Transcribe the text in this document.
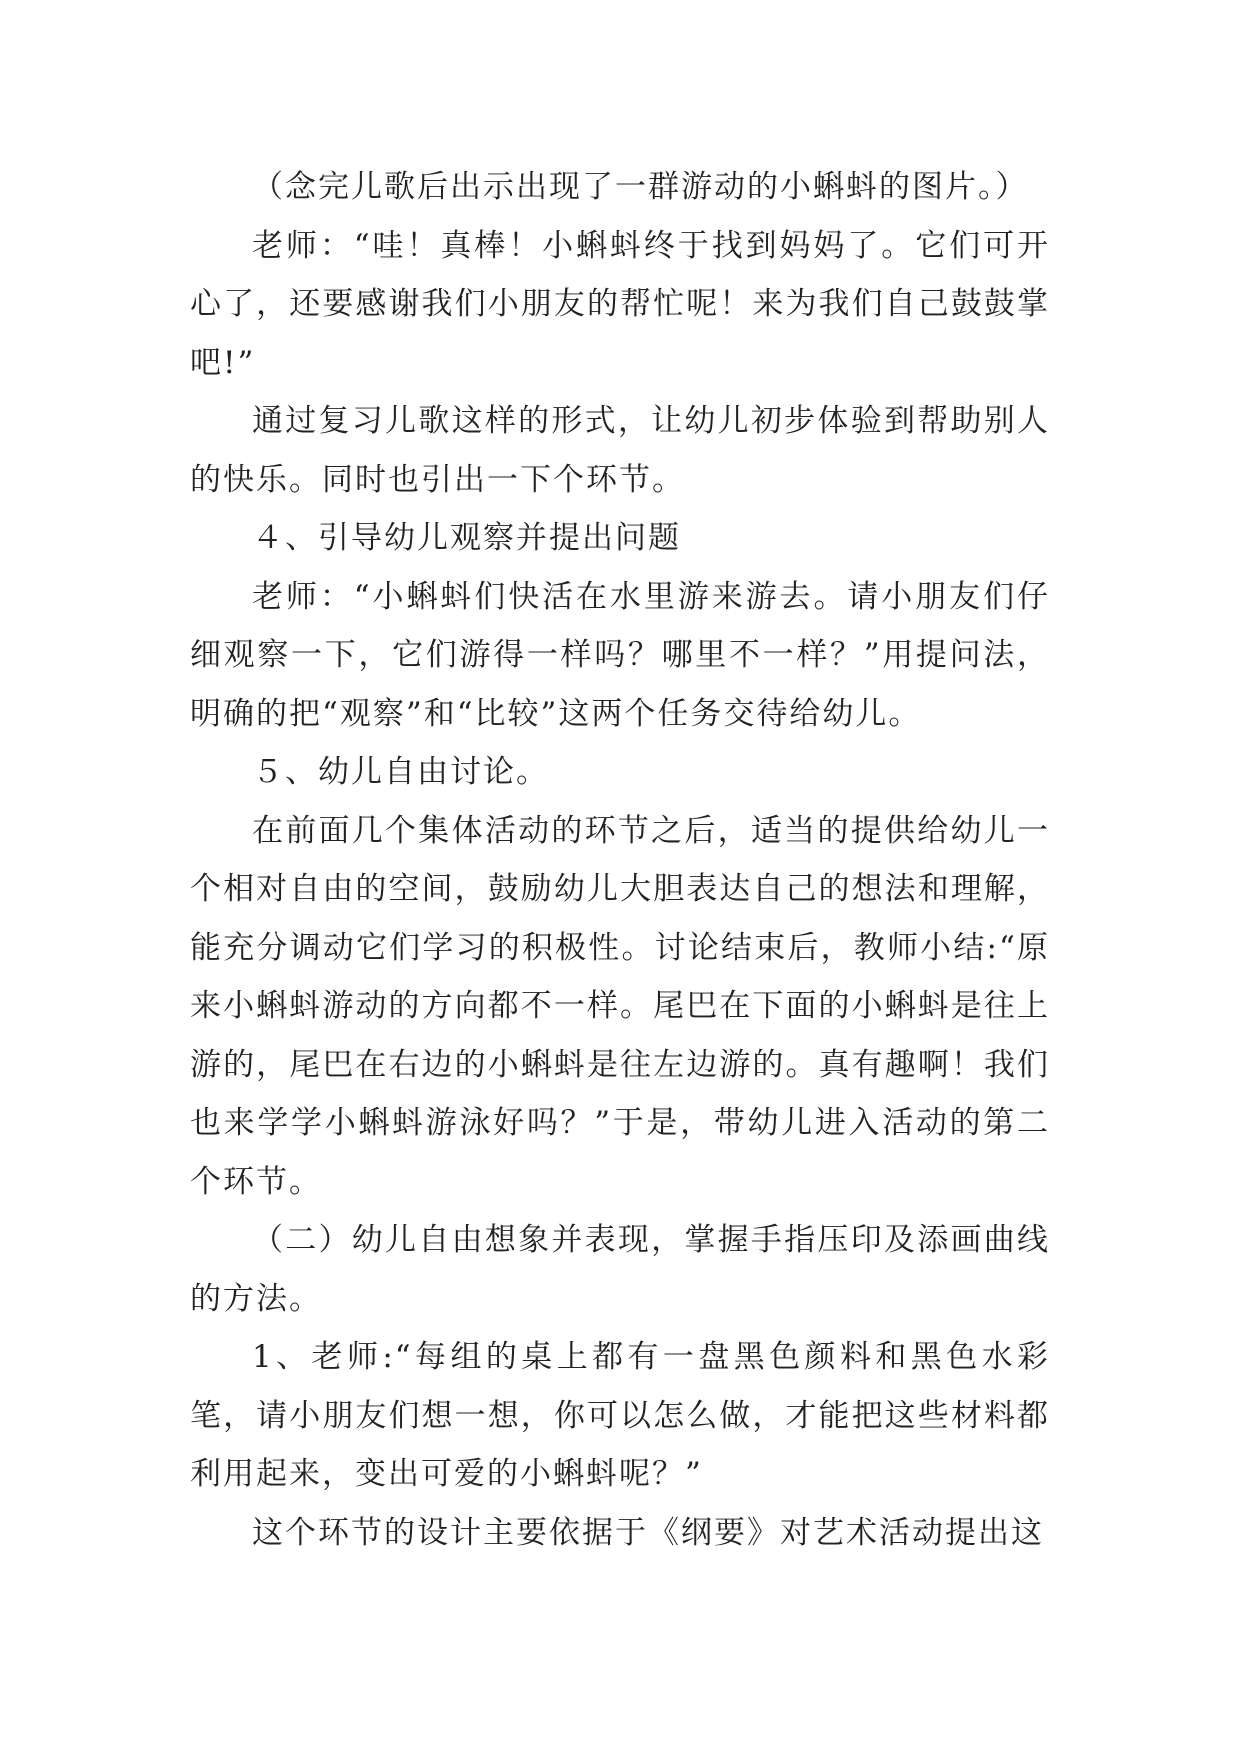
（念完儿歌后出示出现了一群游动的小蝌蚪的图片。）

老师：“哇！真棒！小蝌蚪终于找到妈妈了。它们可开心了，还要感谢我们小朋友的帮忙呢！来为我们自己鼓鼓掌吧!”

通过复习儿歌这样的形式，让幼儿初步体验到帮助别人的快乐。同时也引出一下个环节。

４、引导幼儿观察并提出问题

老师：“小蝌蚪们快活在水里游来游去。请小朋友们仔细观察一下，它们游得一样吗？哪里不一样？”用提问法，明确的把“观察”和“比较”这两个任务交待给幼儿。

５、幼儿自由讨论。

在前面几个集体活动的环节之后，适当的提供给幼儿一个相对自由的空间，鼓励幼儿大胆表达自己的想法和理解，能充分调动它们学习的积极性。讨论结束后，教师小结:“原来小蝌蚪游动的方向都不一样。尾巴在下面的小蝌蚪是往上游的，尾巴在右边的小蝌蚪是往左边游的。真有趣啊！我们也来学学小蝌蚪游泳好吗？”于是，带幼儿进入活动的第二个环节。

（二）幼儿自由想象并表现，掌握手指压印及添画曲线的方法。

1、老师:“每组的桌上都有一盘黑色颜料和黑色水彩笔，请小朋友们想一想，你可以怎么做，才能把这些材料都利用起来，变出可爱的小蝌蚪呢？”

这个环节的设计主要依据于《纲要》对艺术活动提出这
